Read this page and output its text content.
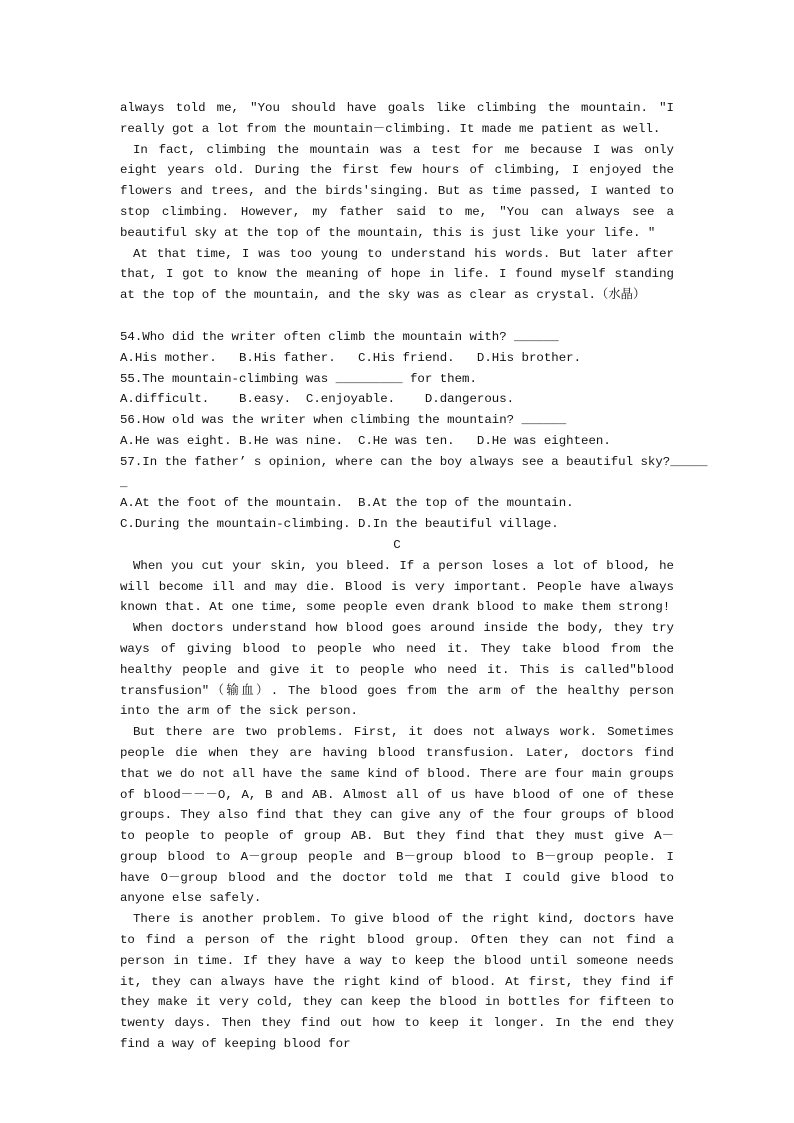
always told me, "You should have goals like climbing the mountain. "I really got a lot from the mountain－climbing. It made me patient as well.

In fact, climbing the mountain was a test for me because I was only eight years old. During the first few hours of climbing, I enjoyed the flowers and trees, and the birds'singing. But as time passed, I wanted to stop climbing. However, my father said to me, "You can always see a beautiful sky at the top of the mountain, this is just like your life. "

At that time, I was too young to understand his words. But later after that, I got to know the meaning of hope in life. I found myself standing at the top of the mountain, and the sky was as clear as crystal.（水晶）

54.Who did the writer often climb the mountain with? ______

A.His mother.   B.His father.   C.His friend.   D.His brother.

55.The mountain-climbing was _________ for them.

A.difficult.    B.easy.  C.enjoyable.    D.dangerous.

56.How old was the writer when climbing the mountain? ______

A.He was eight. B.He was nine.  C.He was ten.   D.He was eighteen.

57.In the father’ s opinion, where can the boy always see a beautiful sky?_____

_

A.At the foot of the mountain.  B.At the top of the mountain.

C.During the mountain-climbing. D.In the beautiful village.

C

When you cut your skin, you bleed. If a person loses a lot of blood, he will become ill and may die. Blood is very important. People have always known that. At one time, some people even drank blood to make them strong!

When doctors understand how blood goes around inside the body, they try ways of giving blood to people who need it. They take blood from the healthy people and give it to people who need it. This is called"blood transfusion"（输血）. The blood goes from the arm of the healthy person into the arm of the sick person.

But there are two problems. First, it does not always work. Sometimes people die when they are having blood transfusion. Later, doctors find that we do not all have the same kind of blood. There are four main groups of blood－－－O, A, B and AB. Almost all of us have blood of one of these groups. They also find that they can give any of the four groups of blood to people to people of group AB. But they find that they must give A－group blood to A－group people and B－group blood to B－group people. I have O－group blood and the doctor told me that I could give blood to anyone else safely.

There is another problem. To give blood of the right kind, doctors have to find a person of the right blood group. Often they can not find a person in time. If they have a way to keep the blood until someone needs it, they can always have the right kind of blood. At first, they find if they make it very cold, they can keep the blood in bottles for fifteen to twenty days. Then they find out how to keep it longer. In the end they find a way of keeping blood for
